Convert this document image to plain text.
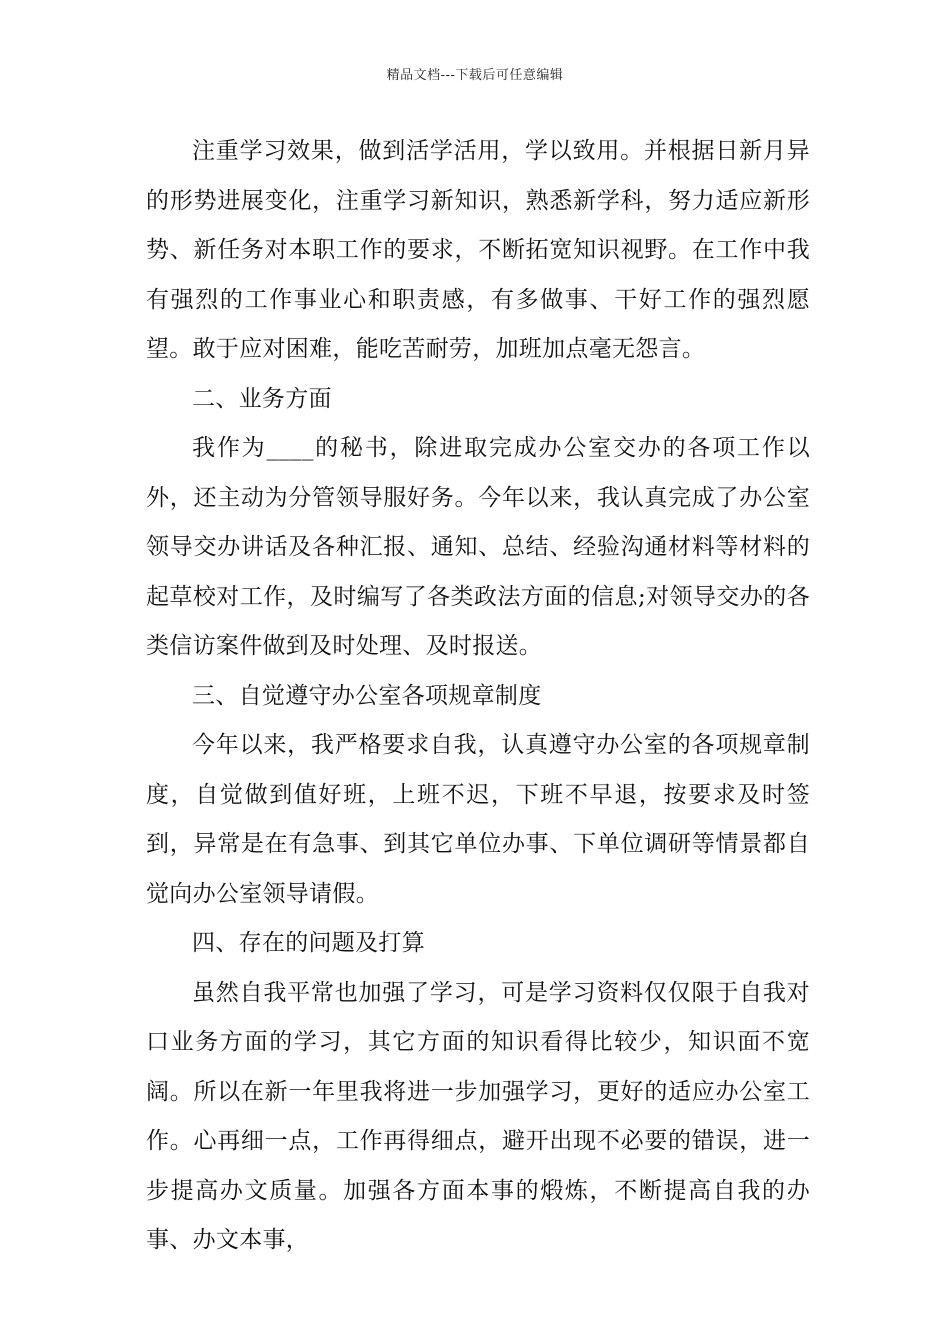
精品文档---下载后可任意编辑

注重学习效果，做到活学活用，学以致用。并根据日新月异的形势进展变化，注重学习新知识，熟悉新学科，努力适应新形势、新任务对本职工作的要求，不断拓宽知识视野。在工作中我有强烈的工作事业心和职责感，有多做事、干好工作的强烈愿望。敢于应对困难，能吃苦耐劳，加班加点毫无怨言。

二、业务方面

我作为____的秘书，除进取完成办公室交办的各项工作以外，还主动为分管领导服好务。今年以来，我认真完成了办公室领导交办讲话及各种汇报、通知、总结、经验沟通材料等材料的起草校对工作，及时编写了各类政法方面的信息;对领导交办的各类信访案件做到及时处理、及时报送。

三、自觉遵守办公室各项规章制度

今年以来，我严格要求自我，认真遵守办公室的各项规章制度，自觉做到值好班，上班不迟，下班不早退，按要求及时签到，异常是在有急事、到其它单位办事、下单位调研等情景都自觉向办公室领导请假。

四、存在的问题及打算

虽然自我平常也加强了学习，可是学习资料仅仅限于自我对口业务方面的学习，其它方面的知识看得比较少，知识面不宽阔。所以在新一年里我将进一步加强学习，更好的适应办公室工作。心再细一点，工作再得细点，避开出现不必要的错误，进一步提高办文质量。加强各方面本事的煅炼，不断提高自我的办事、办文本事，
